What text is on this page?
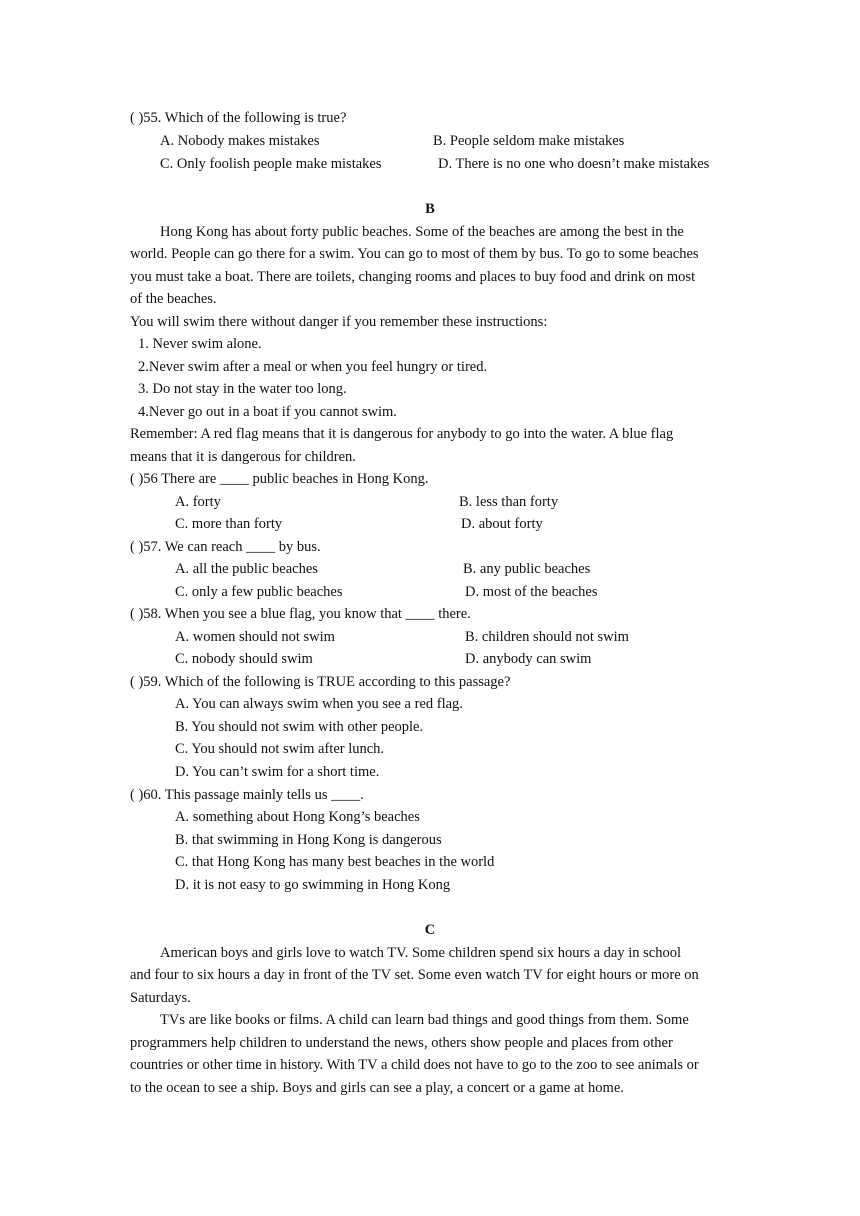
( )55. Which of the following is true?
A. Nobody makes mistakes	B. People seldom make mistakes
C. Only foolish people make mistakes	D. There is no one who doesn’t make mistakes
B
Hong Kong has about forty public beaches. Some of the beaches are among the best in the
world. People can go there for a swim. You can go to most of them by bus. To go to some beaches
you must take a boat. There are toilets, changing rooms and places to buy food and drink on most
of the beaches.
You will swim there without danger if you remember these instructions:
1. Never swim alone.
2.Never swim after a meal or when you feel hungry or tired.
3. Do not stay in the water too long.
4.Never go out in a boat if you cannot swim.
Remember: A red flag means that it is dangerous for anybody to go into the water. A blue flag
means that it is dangerous for children.
( )56 There are ____ public beaches in Hong Kong.
A. forty	B. less than forty
C. more than forty	D. about forty
( )57. We can reach ____ by bus.
A. all the public beaches	B. any public beaches
C. only a few public beaches	D. most of the beaches
( )58. When you see a blue flag, you know that ____ there.
A. women should not swim	B. children should not swim
C. nobody should swim	D. anybody can swim
( )59. Which of the following is TRUE according to this passage?
A. You can always swim when you see a red flag.
B. You should not swim with other people.
C. You should not swim after lunch.
D. You can’t swim for a short time.
( )60. This passage mainly tells us ____.
A. something about Hong Kong’s beaches
B. that swimming in Hong Kong is dangerous
C. that Hong Kong has many best beaches in the world
D. it is not easy to go swimming in Hong Kong
C
American boys and girls love to watch TV. Some children spend six hours a day in school
and four to six hours a day in front of the TV set. Some even watch TV for eight hours or more on
Saturdays.
TVs are like books or films. A child can learn bad things and good things from them. Some
programmers help children to understand the news, others show people and places from other
countries or other time in history. With TV a child does not have to go to the zoo to see animals or
to the ocean to see a ship. Boys and girls can see a play, a concert or a game at home.
